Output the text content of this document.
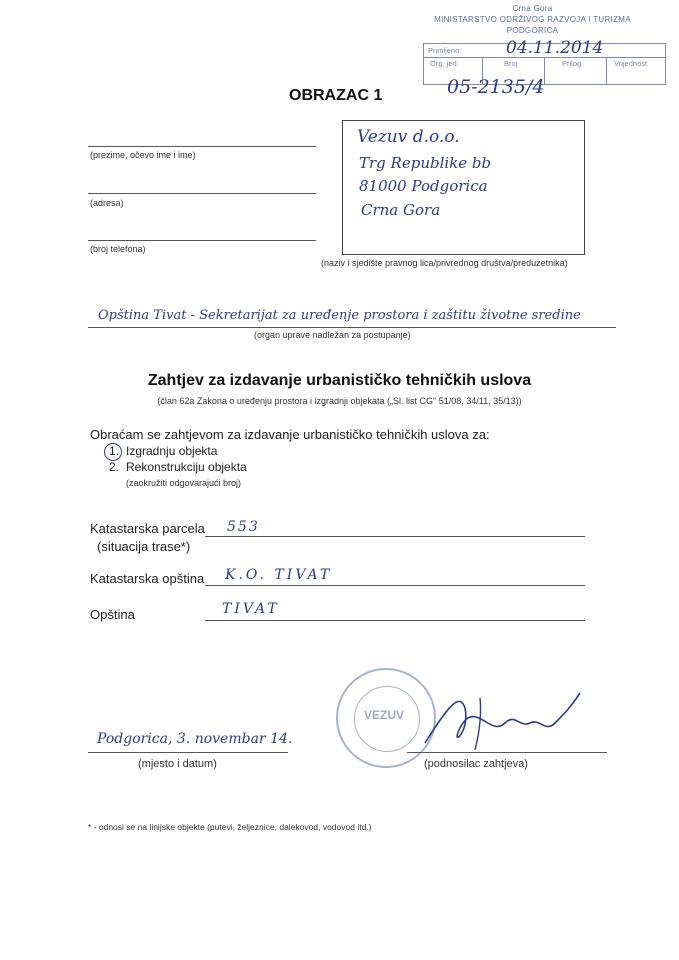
Crna Gora
MINISTARSTVO ODRŽIVOG RAZVOJA I TURIZMA
PODGORICA
Primljeno:	04.11.2014
Org. jed.	Broj	Prilog	Vrijednost
05-2135/4
OBRAZAC 1
(prezime, očevo ime i ime)
(adresa)
(broj telefona)
Vezuv d.o.o.
Trg Republike bb
81000 Podgorica
Crna Gora
(naziv i sjedište pravnog lica/privrednog društva/preduzetnika)
Opština Tivat - Sekretarijat za uređenje prostora i zaštitu životne sredine
(organ uprave nadležan za postupanje)
Zahtjev za izdavanje urbanističko tehničkih uslova
(član 62a Zakona o uređenju prostora i izgradnji objekata („Sl. list CG" 51/08, 34/11, 35/13))
Obraćam se zahtjevom za izdavanje urbanističko tehničkih uslova za:
1. Izgradnju objekta
2. Rekonstrukciju objekta
(zaokružiti odgovarajući broj)
Katastarska parcela
(situacija trase*)
553
Katastarska opština K.O. TIVAT
Opština	TIVAT
VEZUV
Podgorica, 3. novembar 14.
(mjesto i datum)	(podnosilac zahtjeva)
* - odnosi se na linijske objekte (putevi, željeznice, dalekovod, vodovod itd.)
